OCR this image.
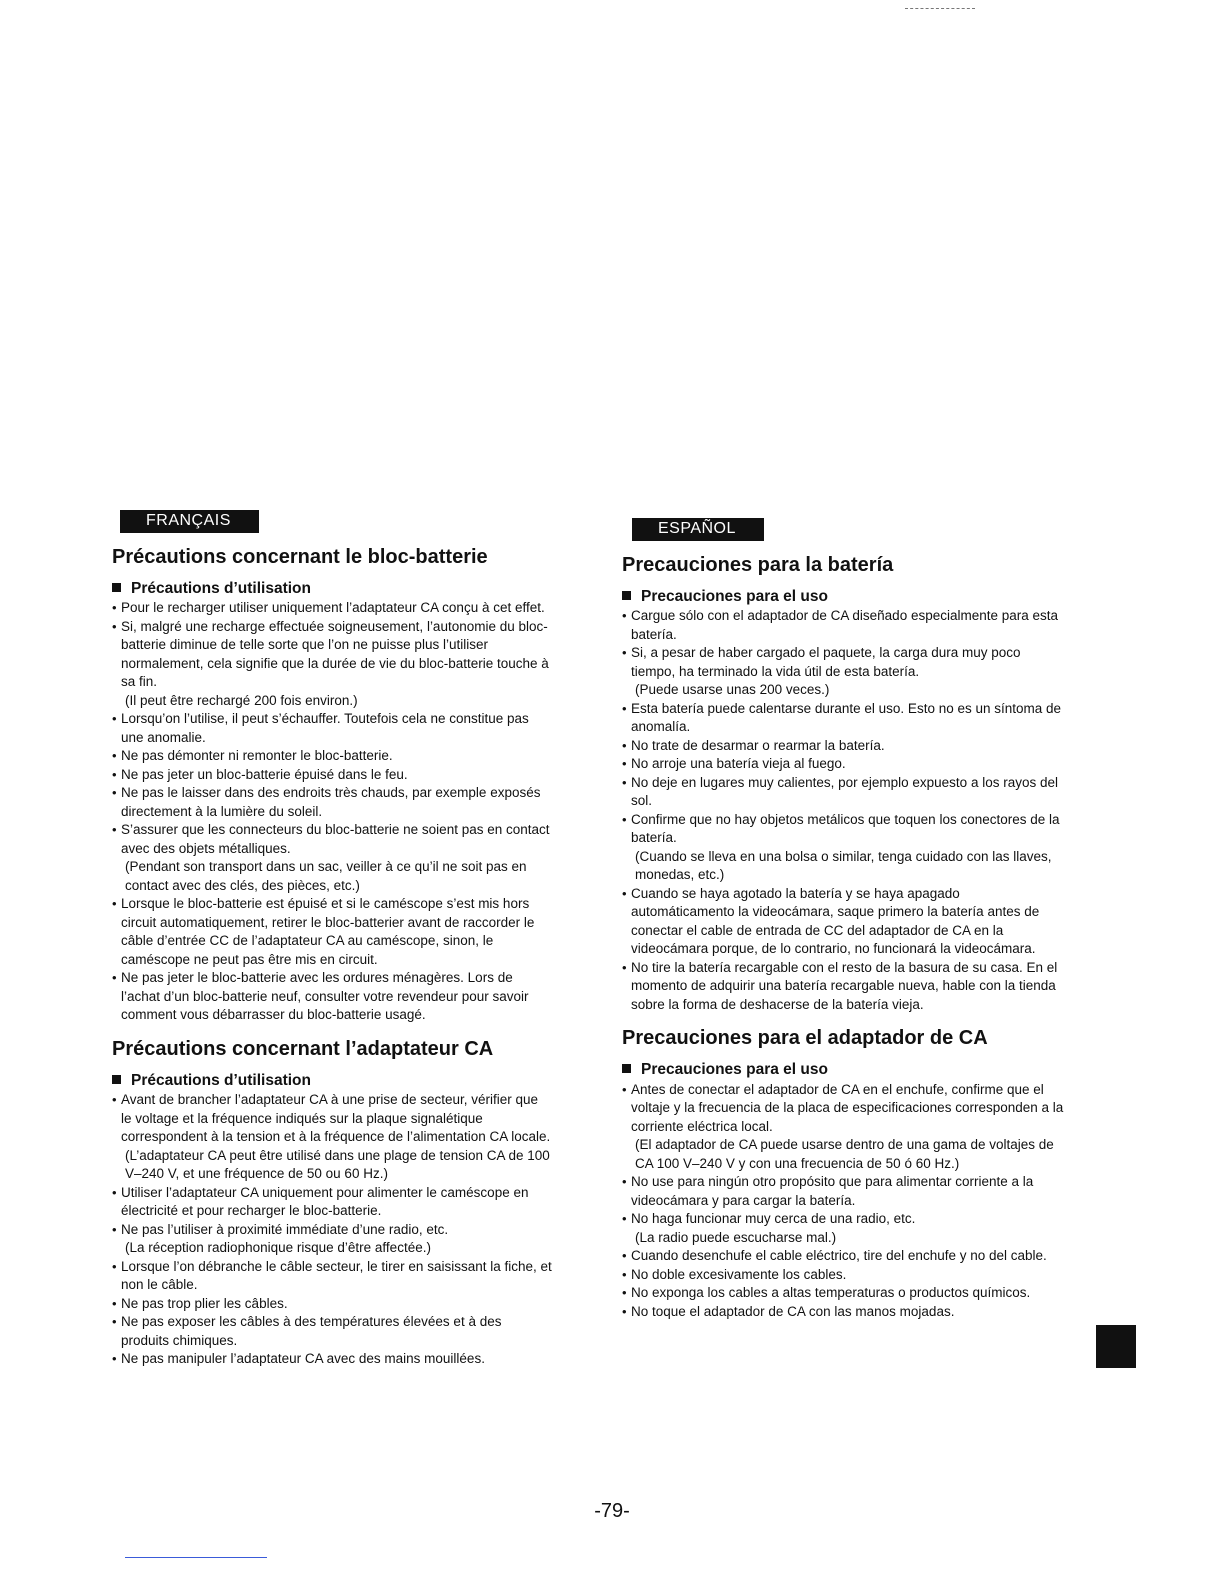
FRANÇAIS
Précautions concernant le bloc-batterie
Précautions d’utilisation
• Pour le recharger utiliser uniquement l’adaptateur CA conçu à cet effet.
• Si, malgré une recharge effectuée soigneusement, l’autonomie du bloc-batterie diminue de telle sorte que l’on ne puisse plus l’utiliser normalement, cela signifie que la durée de vie du bloc-batterie touche à sa fin.
(Il peut être rechargé 200 fois environ.)
• Lorsqu’on l’utilise, il peut s’échauffer. Toutefois cela ne constitue pas une anomalie.
• Ne pas démonter ni remonter le bloc-batterie.
• Ne pas jeter un bloc-batterie épuisé dans le feu.
• Ne pas le laisser dans des endroits très chauds, par exemple exposés directement à la lumière du soleil.
• S’assurer que les connecteurs du bloc-batterie ne soient pas en contact avec des objets métalliques.
(Pendant son transport dans un sac, veiller à ce qu’il ne soit pas en contact avec des clés, des pièces, etc.)
• Lorsque le bloc-batterie est épuisé et si le caméscope s’est mis hors circuit automatiquement, retirer le bloc-batterier avant de raccorder le câble d’entrée CC de l’adaptateur CA au caméscope, sinon, le caméscope ne peut pas être mis en circuit.
• Ne pas jeter le bloc-batterie avec les ordures ménagères. Lors de l’achat d’un bloc-batterie neuf, consulter votre revendeur pour savoir comment vous débarrasser du bloc-batterie usagé.
Précautions concernant l’adaptateur CA
Précautions d’utilisation
• Avant de brancher l’adaptateur CA à une prise de secteur, vérifier que le voltage et la fréquence indiqués sur la plaque signalétique correspondent à la tension et à la fréquence de l’alimentation CA locale.
(L’adaptateur CA peut être utilisé dans une plage de tension CA de 100 V–240 V, et une fréquence de 50 ou 60 Hz.)
• Utiliser l’adaptateur CA uniquement pour alimenter le caméscope en électricité et pour recharger le bloc-batterie.
• Ne pas l’utiliser à proximité immédiate d’une radio, etc.
(La réception radiophonique risque d’être affectée.)
• Lorsque l’on débranche le câble secteur, le tirer en saisissant la fiche, et non le câble.
• Ne pas trop plier les câbles.
• Ne pas exposer les câbles à des températures élevées et à des produits chimiques.
• Ne pas manipuler l’adaptateur CA avec des mains mouillées.
ESPAÑOL
Precauciones para la batería
Precauciones para el uso
• Cargue sólo con el adaptador de CA diseñado especialmente para esta batería.
• Si, a pesar de haber cargado el paquete, la carga dura muy poco tiempo, ha terminado la vida útil de esta batería.
(Puede usarse unas 200 veces.)
• Esta batería puede calentarse durante el uso. Esto no es un síntoma de anomalía.
• No trate de desarmar o rearmar la batería.
• No arroje una batería vieja al fuego.
• No deje en lugares muy calientes, por ejemplo expuesto a los rayos del sol.
• Confirme que no hay objetos metálicos que toquen los conectores de la batería.
(Cuando se lleva en una bolsa o similar, tenga cuidado con las llaves, monedas, etc.)
• Cuando se haya agotado la batería y se haya apagado automáticamento la videocámara, saque primero la batería antes de conectar el cable de entrada de CC del adaptador de CA en la videocámara porque, de lo contrario, no funcionará la videocámara.
• No tire la batería recargable con el resto de la basura de su casa. En el momento de adquirir una batería recargable nueva, hable con la tienda sobre la forma de deshacerse de la batería vieja.
Precauciones para el adaptador de CA
Precauciones para el uso
• Antes de conectar el adaptador de CA en el enchufe, confirme que el voltaje y la frecuencia de la placa de especificaciones corresponden a la corriente eléctrica local.
(El adaptador de CA puede usarse dentro de una gama de voltajes de CA 100 V–240 V y con una frecuencia de 50 ó 60 Hz.)
• No use para ningún otro propósito que para alimentar corriente a la videocámara y para cargar la batería.
• No haga funcionar muy cerca de una radio, etc.
(La radio puede escucharse mal.)
• Cuando desenchufe el cable eléctrico, tire del enchufe y no del cable.
• No doble excesivamente los cables.
• No exponga los cables a altas temperaturas o productos químicos.
• No toque el adaptador de CA con las manos mojadas.
-79-
